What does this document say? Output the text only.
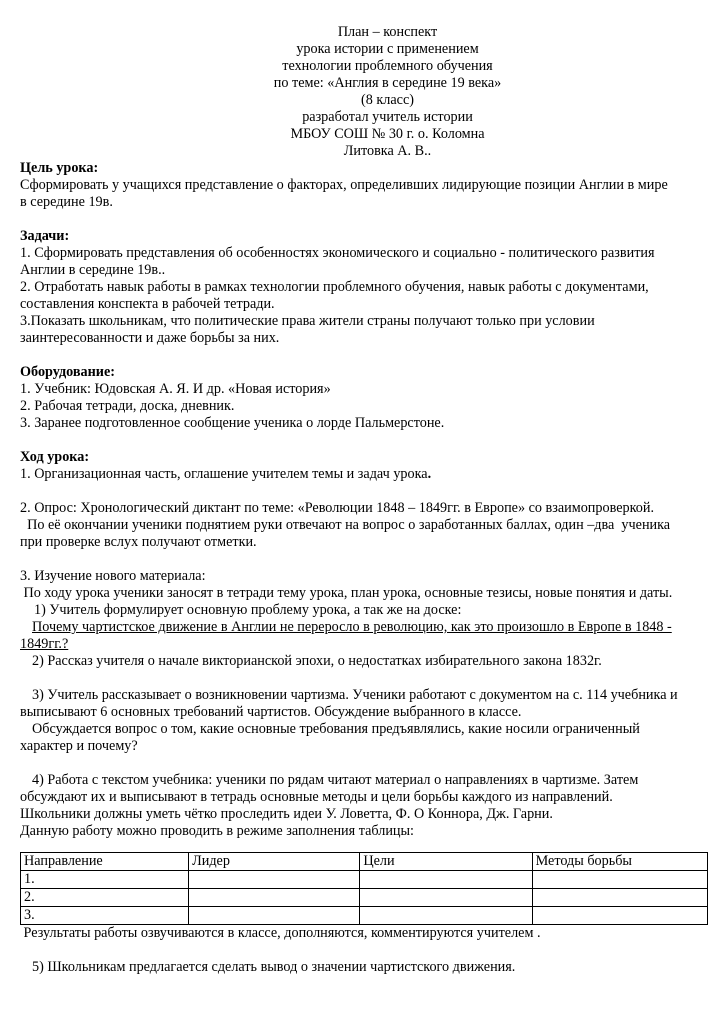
План – конспект
урока истории с применением
технологии проблемного обучения
по теме: «Англия в середине 19 века»
(8 класс)
разработал учитель истории
МБОУ СОШ № 30 г. о. Коломна
Литовка А. В..
Цель урока:
Сформировать у учащихся представление о факторах, определивших лидирующие позиции Англии в мире
в середине 19в.
Задачи:
1. Сформировать представления об особенностях экономического и социально - политического развития
Англии в середине 19в..
2. Отработать навык работы в рамках технологии проблемного обучения, навык работы с документами,
составления конспекта в рабочей тетради.
3.Показать школьникам, что политические права жители страны получают только при условии
заинтересованности и даже борьбы за них.
Оборудование:
1. Учебник: Юдовская А. Я. И др. «Новая история»
2. Рабочая тетради, доска, дневник.
3. Заранее подготовленное сообщение ученика о лорде Пальмерстоне.
Ход урока:
1. Организационная часть, оглашение учителем темы и задач урока.
2. Опрос: Хронологический диктант по теме: «Революции 1848 – 1849гг. в Европе» со взаимопроверкой.
По её окончании ученики поднятием руки отвечают на вопрос о заработанных баллах, один –два  ученика
при проверке вслух получают отметки.
3. Изучение нового материала:
По ходу урока ученики заносят в тетради тему урока, план урока, основные тезисы, новые понятия и даты.
1) Учитель формулирует основную проблему урока, а так же на доске:
Почему чартистское движение в Англии не переросло в революцию, как это произошло в Европе в 1848 -
1849гг.?
2) Рассказ учителя о начале викторианской эпохи, о недостатках избирательного закона 1832г.
3) Учитель рассказывает о возникновении чартизма. Ученики работают с документом на с. 114 учебника и
выписывают 6 основных требований чартистов. Обсуждение выбранного в классе.
Обсуждается вопрос о том, какие основные требования предъявлялись, какие носили ограниченный
характер и почему?
4) Работа с текстом учебника: ученики по рядам читают материал о направлениях в чартизме. Затем
обсуждают их и выписывают в тетрадь основные методы и цели борьбы каждого из направлений.
Школьники должны уметь чётко проследить идеи У. Ловетта, Ф. О Коннора, Дж. Гарни.
Данную работу можно проводить в режиме заполнения таблицы:
Направление	Лидер	Цели	Методы борьбы
1.			
2.			
3.			
Результаты работы озвучиваются в классе, дополняются, комментируются учителем .
5) Школьникам предлагается сделать вывод о значении чартистского движения.
